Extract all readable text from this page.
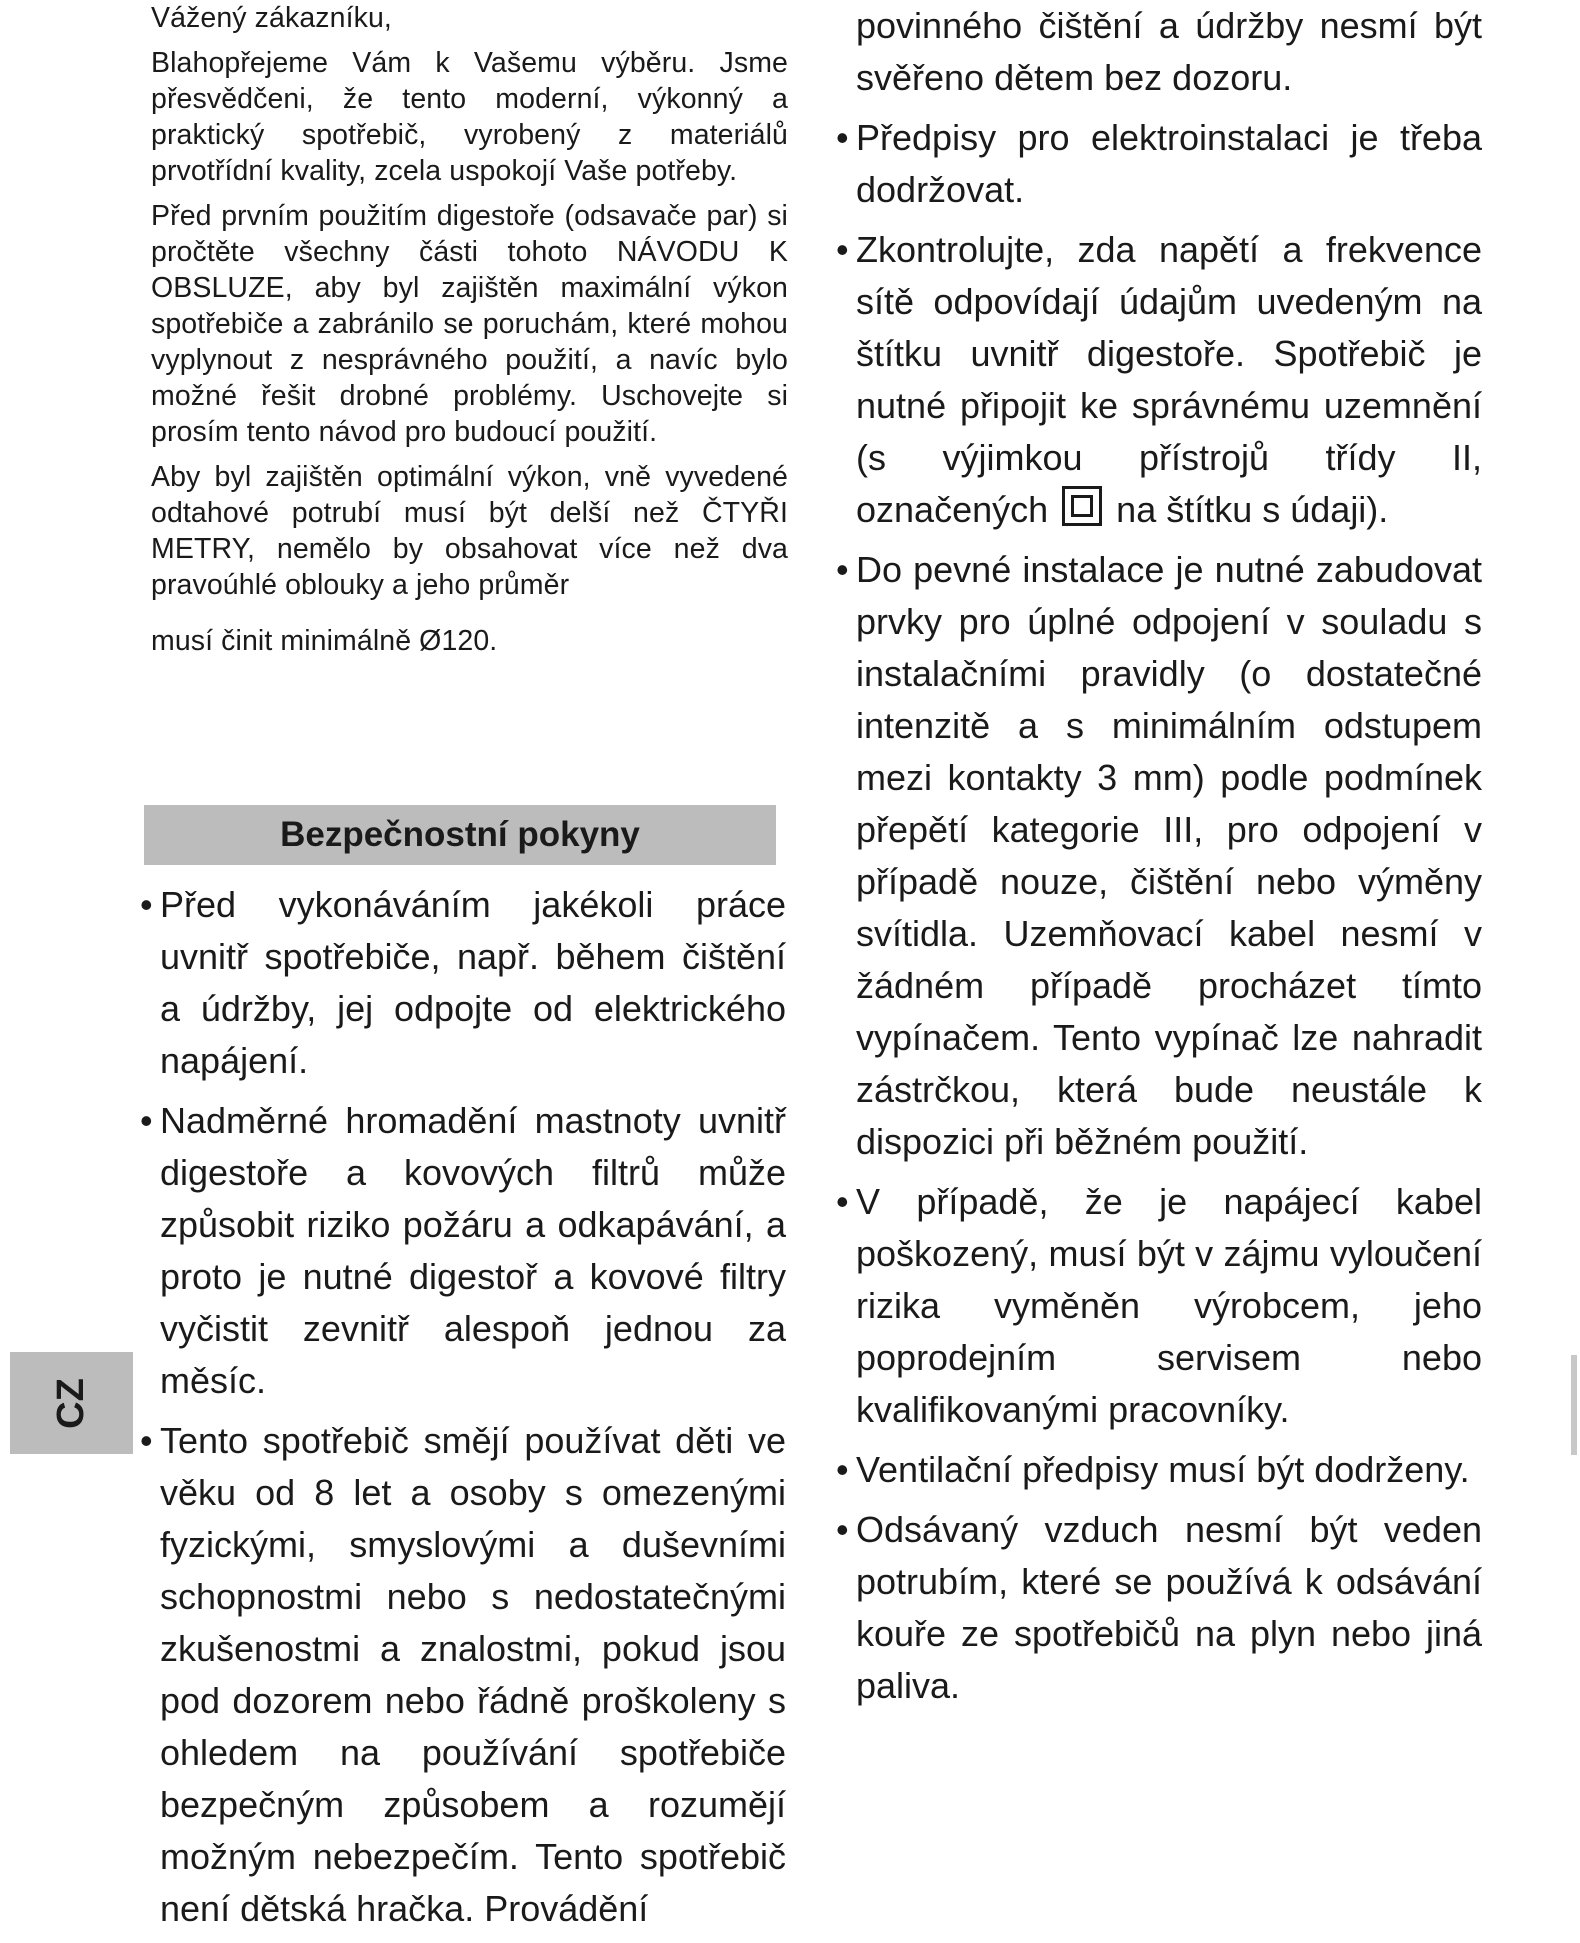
Vážený zákazníku,

Blahopřejeme Vám k Vašemu výběru. Jsme přesvědčeni, že tento moderní, výkonný a praktický spotřebič, vyrobený z materiálů prvotřídní kvality, zcela uspokojí Vaše potřeby.

Před prvním použitím digestoře (odsavače par) si pročtěte všechny části tohoto NÁVODU K OBSLUZE, aby byl zajištěn maximální výkon spotřebiče a zabránilo se poruchám, které mohou vyplynout z nesprávného použití, a navíc bylo možné řešit drobné problémy. Uschovejte si prosím tento návod pro budoucí použití.

Aby byl zajištěn optimální výkon, vně vyvedené odtahové potrubí musí být delší než ČTYŘI METRY, nemělo by obsahovat více než dva pravoúhlé oblouky a jeho průměr

musí činit minimálně Ø120.

Bezpečnostní pokyny
• Před vykonáváním jakékoli práce uvnitř spotřebiče, např. během čištění a údržby, jej odpojte od elektrického napájení.
• Nadměrné hromadění mastnoty uvnitř digestoře a kovových filtrů může způsobit riziko požáru a odkapávání, a proto je nutné digestoř a kovové filtry vyčistit zevnitř alespoň jednou za měsíc.
• Tento spotřebič smějí používat děti ve věku od 8 let a osoby s omezenými fyzickými, smyslovými a duševními schopnostmi nebo s nedostatečnými zkušenostmi a znalostmi, pokud jsou pod dozorem nebo řádně proškoleny s ohledem na používání spotřebiče bezpečným způsobem a rozumějí možným nebezpečím. Tento spotřebič není dětská hračka. Provádění

povinného čištění a údržby nesmí být svěřeno dětem bez dozoru.

• Předpisy pro elektroinstalaci je třeba dodržovat.
• Zkontrolujte, zda napětí a frekvence sítě odpovídají údajům uvedeným na štítku uvnitř digestoře. Spotřebič je nutné připojit ke správnému uzemnění (s výjimkou přístrojů třídy II, označených na štítku s údaji).
• Do pevné instalace je nutné zabudovat prvky pro úplné odpojení v souladu s instalačními pravidly (o dostatečné intenzitě a s minimálním odstupem mezi kontakty 3 mm) podle podmínek přepětí kategorie III, pro odpojení v případě nouze, čištění nebo výměny svítidla. Uzemňovací kabel nesmí v žádném případě procházet tímto vypínačem. Tento vypínač lze nahradit zástrčkou, která bude neustále k dispozici při běžném použití.
• V případě, že je napájecí kabel poškozený, musí být v zájmu vyloučení rizika vyměněn výrobcem, jeho poprodejním servisem nebo kvalifikovanými pracovníky.
• Ventilační předpisy musí být dodrženy.
• Odsávaný vzduch nesmí být veden potrubím, které se používá k odsávání kouře ze spotřebičů na plyn nebo jiná paliva.
CZ
